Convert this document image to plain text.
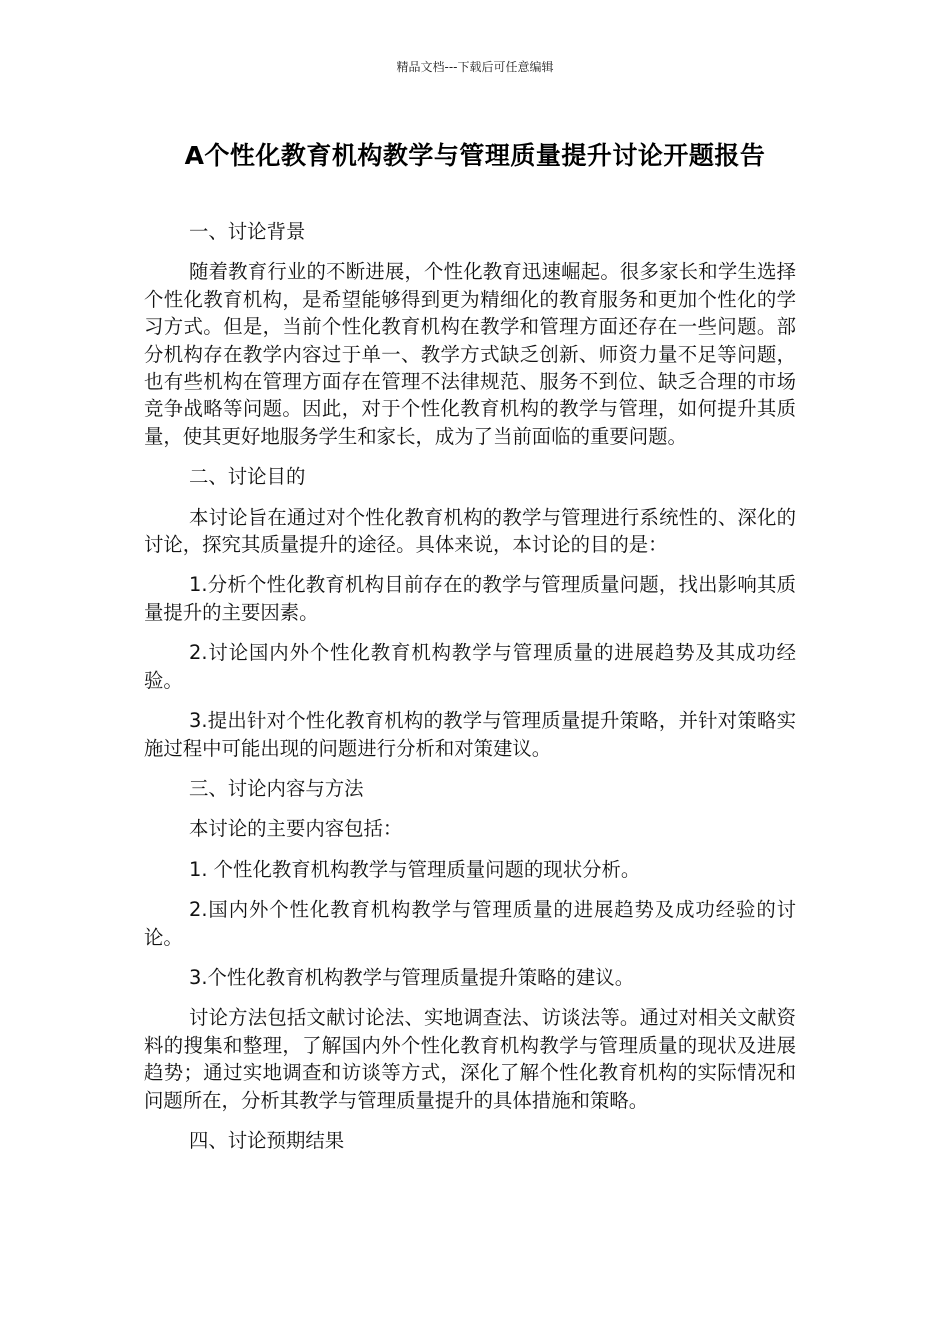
精品文档---下载后可任意编辑
A个性化教育机构教学与管理质量提升讨论开题报告

一、讨论背景

随着教育行业的不断进展，个性化教育迅速崛起。很多家长和学生选择个性化教育机构，是希望能够得到更为精细化的教育服务和更加个性化的学习方式。但是，当前个性化教育机构在教学和管理方面还存在一些问题。部分机构存在教学内容过于单一、教学方式缺乏创新、师资力量不足等问题，也有些机构在管理方面存在管理不法律规范、服务不到位、缺乏合理的市场竞争战略等问题。因此，对于个性化教育机构的教学与管理，如何提升其质量，使其更好地服务学生和家长，成为了当前面临的重要问题。

二、讨论目的

本讨论旨在通过对个性化教育机构的教学与管理进行系统性的、深化的讨论，探究其质量提升的途径。具体来说，本讨论的目的是：

1.分析个性化教育机构目前存在的教学与管理质量问题，找出影响其质量提升的主要因素。

2.讨论国内外个性化教育机构教学与管理质量的进展趋势及其成功经验。

3.提出针对个性化教育机构的教学与管理质量提升策略，并针对策略实施过程中可能出现的问题进行分析和对策建议。

三、讨论内容与方法

本讨论的主要内容包括：

1. 个性化教育机构教学与管理质量问题的现状分析。

2.国内外个性化教育机构教学与管理质量的进展趋势及成功经验的讨论。

3.个性化教育机构教学与管理质量提升策略的建议。

讨论方法包括文献讨论法、实地调查法、访谈法等。通过对相关文献资料的搜集和整理，了解国内外个性化教育机构教学与管理质量的现状及进展趋势；通过实地调查和访谈等方式，深化了解个性化教育机构的实际情况和问题所在，分析其教学与管理质量提升的具体措施和策略。

四、讨论预期结果
